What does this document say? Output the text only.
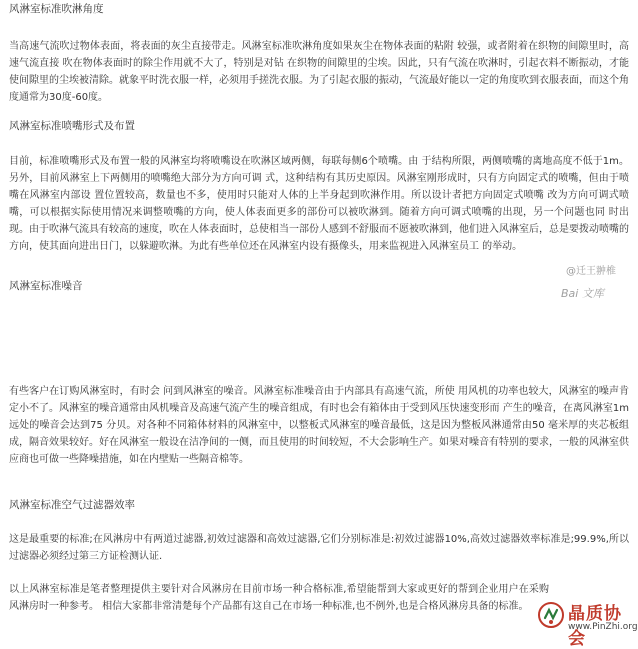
风淋室标准吹淋角度

当高速气流吹过物体表面，将表面的灰尘直接带走。风淋室标准吹淋角度如果灰尘在物体表面的粘附 较强，或者附着在织物的间隙里时，高速气流直接 吹在物体表面时的除尘作用就不大了，特别是对钻 在织物的间隙里的尘埃。因此，只有气流在吹淋时，引起衣料不断振动，才能使间隙里的尘埃被清除。就象平时洗衣服一样，必须用手搓洗衣服。为了引起衣服的振动，气流最好能以一定的角度吹到衣服表面，而这个角度通常为30度-60度。

风淋室标准喷嘴形式及布置

目前，标准喷嘴形式及布置一般的风淋室均将喷嘴设在吹淋区域两侧，每联每侧6个喷嘴。由 于结构所限，两侧喷嘴的离地高度不低于1m。另外，目前风淋室上下两侧用的喷嘴绝大部分为方向可调 式，这种结构有其历史原因。风淋室刚形成时，只有方向固定式的喷嘴，但由于喷嘴在风淋室内部设 置位置较高，数量也不多，使用时只能对人体的上半身起到吹淋作用。所以设计者把方向固定式喷嘴 改为方向可调式喷嘴，可以根据实际使用情况来调整喷嘴的方向，使人体表面更多的部份可以被吹淋到。随着方向可调式喷嘴的出现，另一个问题也同 时出现。由于吹淋气流具有较高的速度，吹在人体表面时，总使相当一部份人感到不舒服而不愿被吹淋到，他们进入风淋室后，总是要拨动喷嘴的方向，使其面向进出日门，以躲避吹淋。为此有些单位还在风淋室内设有摄像头，用来监视进入风淋室员工 的举动。

@迁王翀椎
风淋室标准噪音
Bai 文库

有些客户在订购风淋室时，有时会 问到风淋室的噪音。风淋室标准噪音由于内部具有高速气流，所使 用风机的功率也较大，风淋室的噪声肯定小不了。风淋室的噪音通常由风机噪音及高速气流产生的噪音组成，有时也会有箱体由于受到风压快速变形而 产生的噪音，在离风淋室1m远处的噪音会达到75 分贝。对各种不同箱体材料的风淋室中，以整板式风淋室的噪音最低，这是因为整板风淋通常由50 毫米厚的夹芯板组成，隔音效果较好。好在风淋室一般设在洁净间的一侧，而且使用的时间较短，不大会影响生产。如果对噪音有特别的要求，一般的风淋室供应商也可做一些降噪措施，如在内壁贴一些隔音棉等。

风淋室标准空气过滤器效率

这是最重要的标准;在风淋房中有两道过滤器,初效过滤器和高效过滤器,它们分别标准是:初效过滤器10%,高效过滤器效率标准是;99.9%,所以过滤器必须经过第三方证检测认证.

以上风淋室标准是笔者整理提供主要针对合风淋房在目前市场一种合格标准,希望能帮到大家或更好的帮到企业用户在采购风淋房时一种参考。 相信大家都非常清楚每个产品都有这自己在市场一种标准,也不例外,也是合格风淋房具备的标准。	晶质协会
www.PinZhi.org
